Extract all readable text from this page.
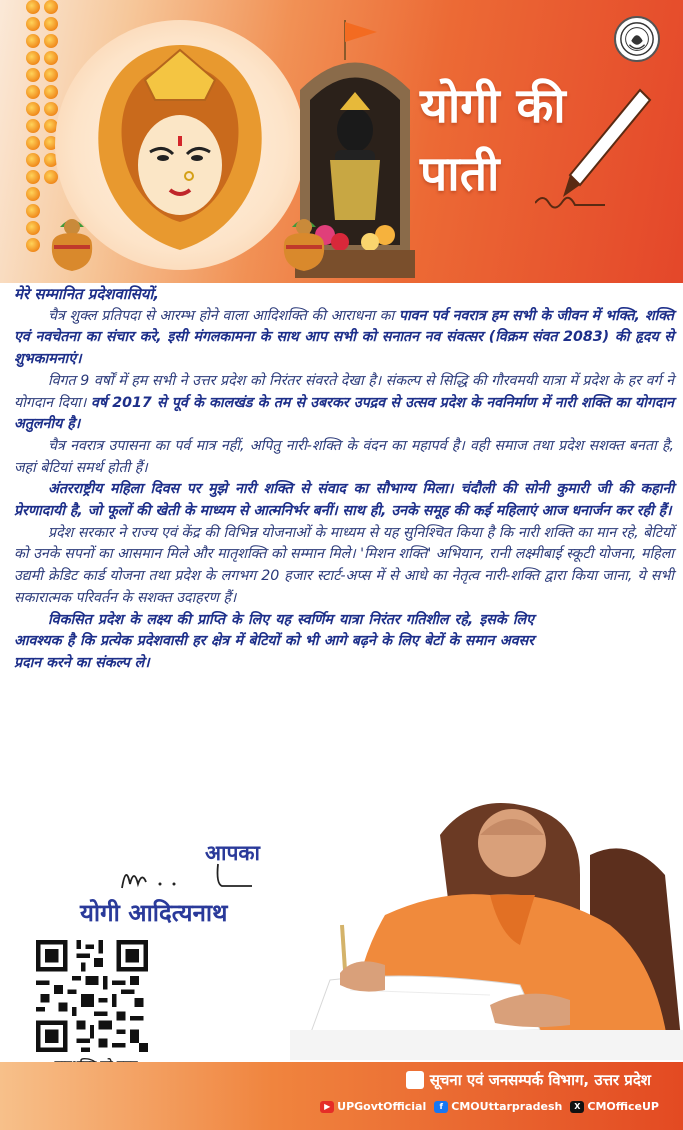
योगी की
पाती
मेरे सम्मानित प्रदेशवासियों,

चैत्र शुक्ल प्रतिपदा से आरम्भ होने वाला आदिशक्ति की आराधना का पावन पर्व नवरात्र हम सभी के जीवन में भक्ति, शक्ति एवं नवचेतना का संचार करे, इसी मंगलकामना के साथ आप सभी को सनातन नव संवत्सर (विक्रम संवत 2083) की हृदय से शुभकामनाएं।

विगत 9 वर्षों में हम सभी ने उत्तर प्रदेश को निरंतर संवरते देखा है। संकल्प से सिद्धि की गौरवमयी यात्रा में प्रदेश के हर वर्ग ने योगदान दिया। वर्ष 2017 से पूर्व के कालखंड के तम से उबरकर उपद्रव से उत्सव प्रदेश के नवनिर्माण में नारी शक्ति का योगदान अतुलनीय है।

चैत्र नवरात्र उपासना का पर्व मात्र नहीं, अपितु नारी-शक्ति के वंदन का महापर्व है। वही समाज तथा प्रदेश सशक्त बनता है, जहां बेटियां समर्थ होती हैं।

अंतरराष्ट्रीय महिला दिवस पर मुझे नारी शक्ति से संवाद का सौभाग्य मिला। चंदौली की सोनी कुमारी जी की कहानी प्रेरणादायी है, जो फूलों की खेती के माध्यम से आत्मनिर्भर बनीं। साथ ही, उनके समूह की कई महिलाएं आज धनार्जन कर रही हैं।

प्रदेश सरकार ने राज्य एवं केंद्र की विभिन्न योजनाओं के माध्यम से यह सुनिश्चित किया है कि नारी शक्ति का मान रहे, बेटियों को उनके सपनों का आसमान मिले और मातृशक्ति को सम्मान मिले। 'मिशन शक्ति' अभियान, रानी लक्ष्मीबाई स्कूटी योजना, महिला उद्यमी क्रेडिट कार्ड योजना तथा प्रदेश के लगभग 20 हजार स्टार्ट-अप्स में से आधे का नेतृत्व नारी-शक्ति द्वारा किया जाना, ये सभी सकारात्मक परिवर्तन के सशक्त उदाहरण हैं।

विकसित प्रदेश के लक्ष्य की प्राप्ति के लिए यह स्वर्णिम यात्रा निरंतर गतिशील रहे, इसके लिए आवश्यक है कि प्रत्येक प्रदेशवासी हर क्षेत्र में बेटियों को भी आगे बढ़ने के लिए बेटों के समान अवसर प्रदान करने का संकल्प ले।

आपका
योगी आदित्यनाथ
सूचना एवं जनसम्पर्क विभाग, उत्तर प्रदेश
▶ UPGovtOfficial	f CMOUttarpradesh	X CMOfficeUP
